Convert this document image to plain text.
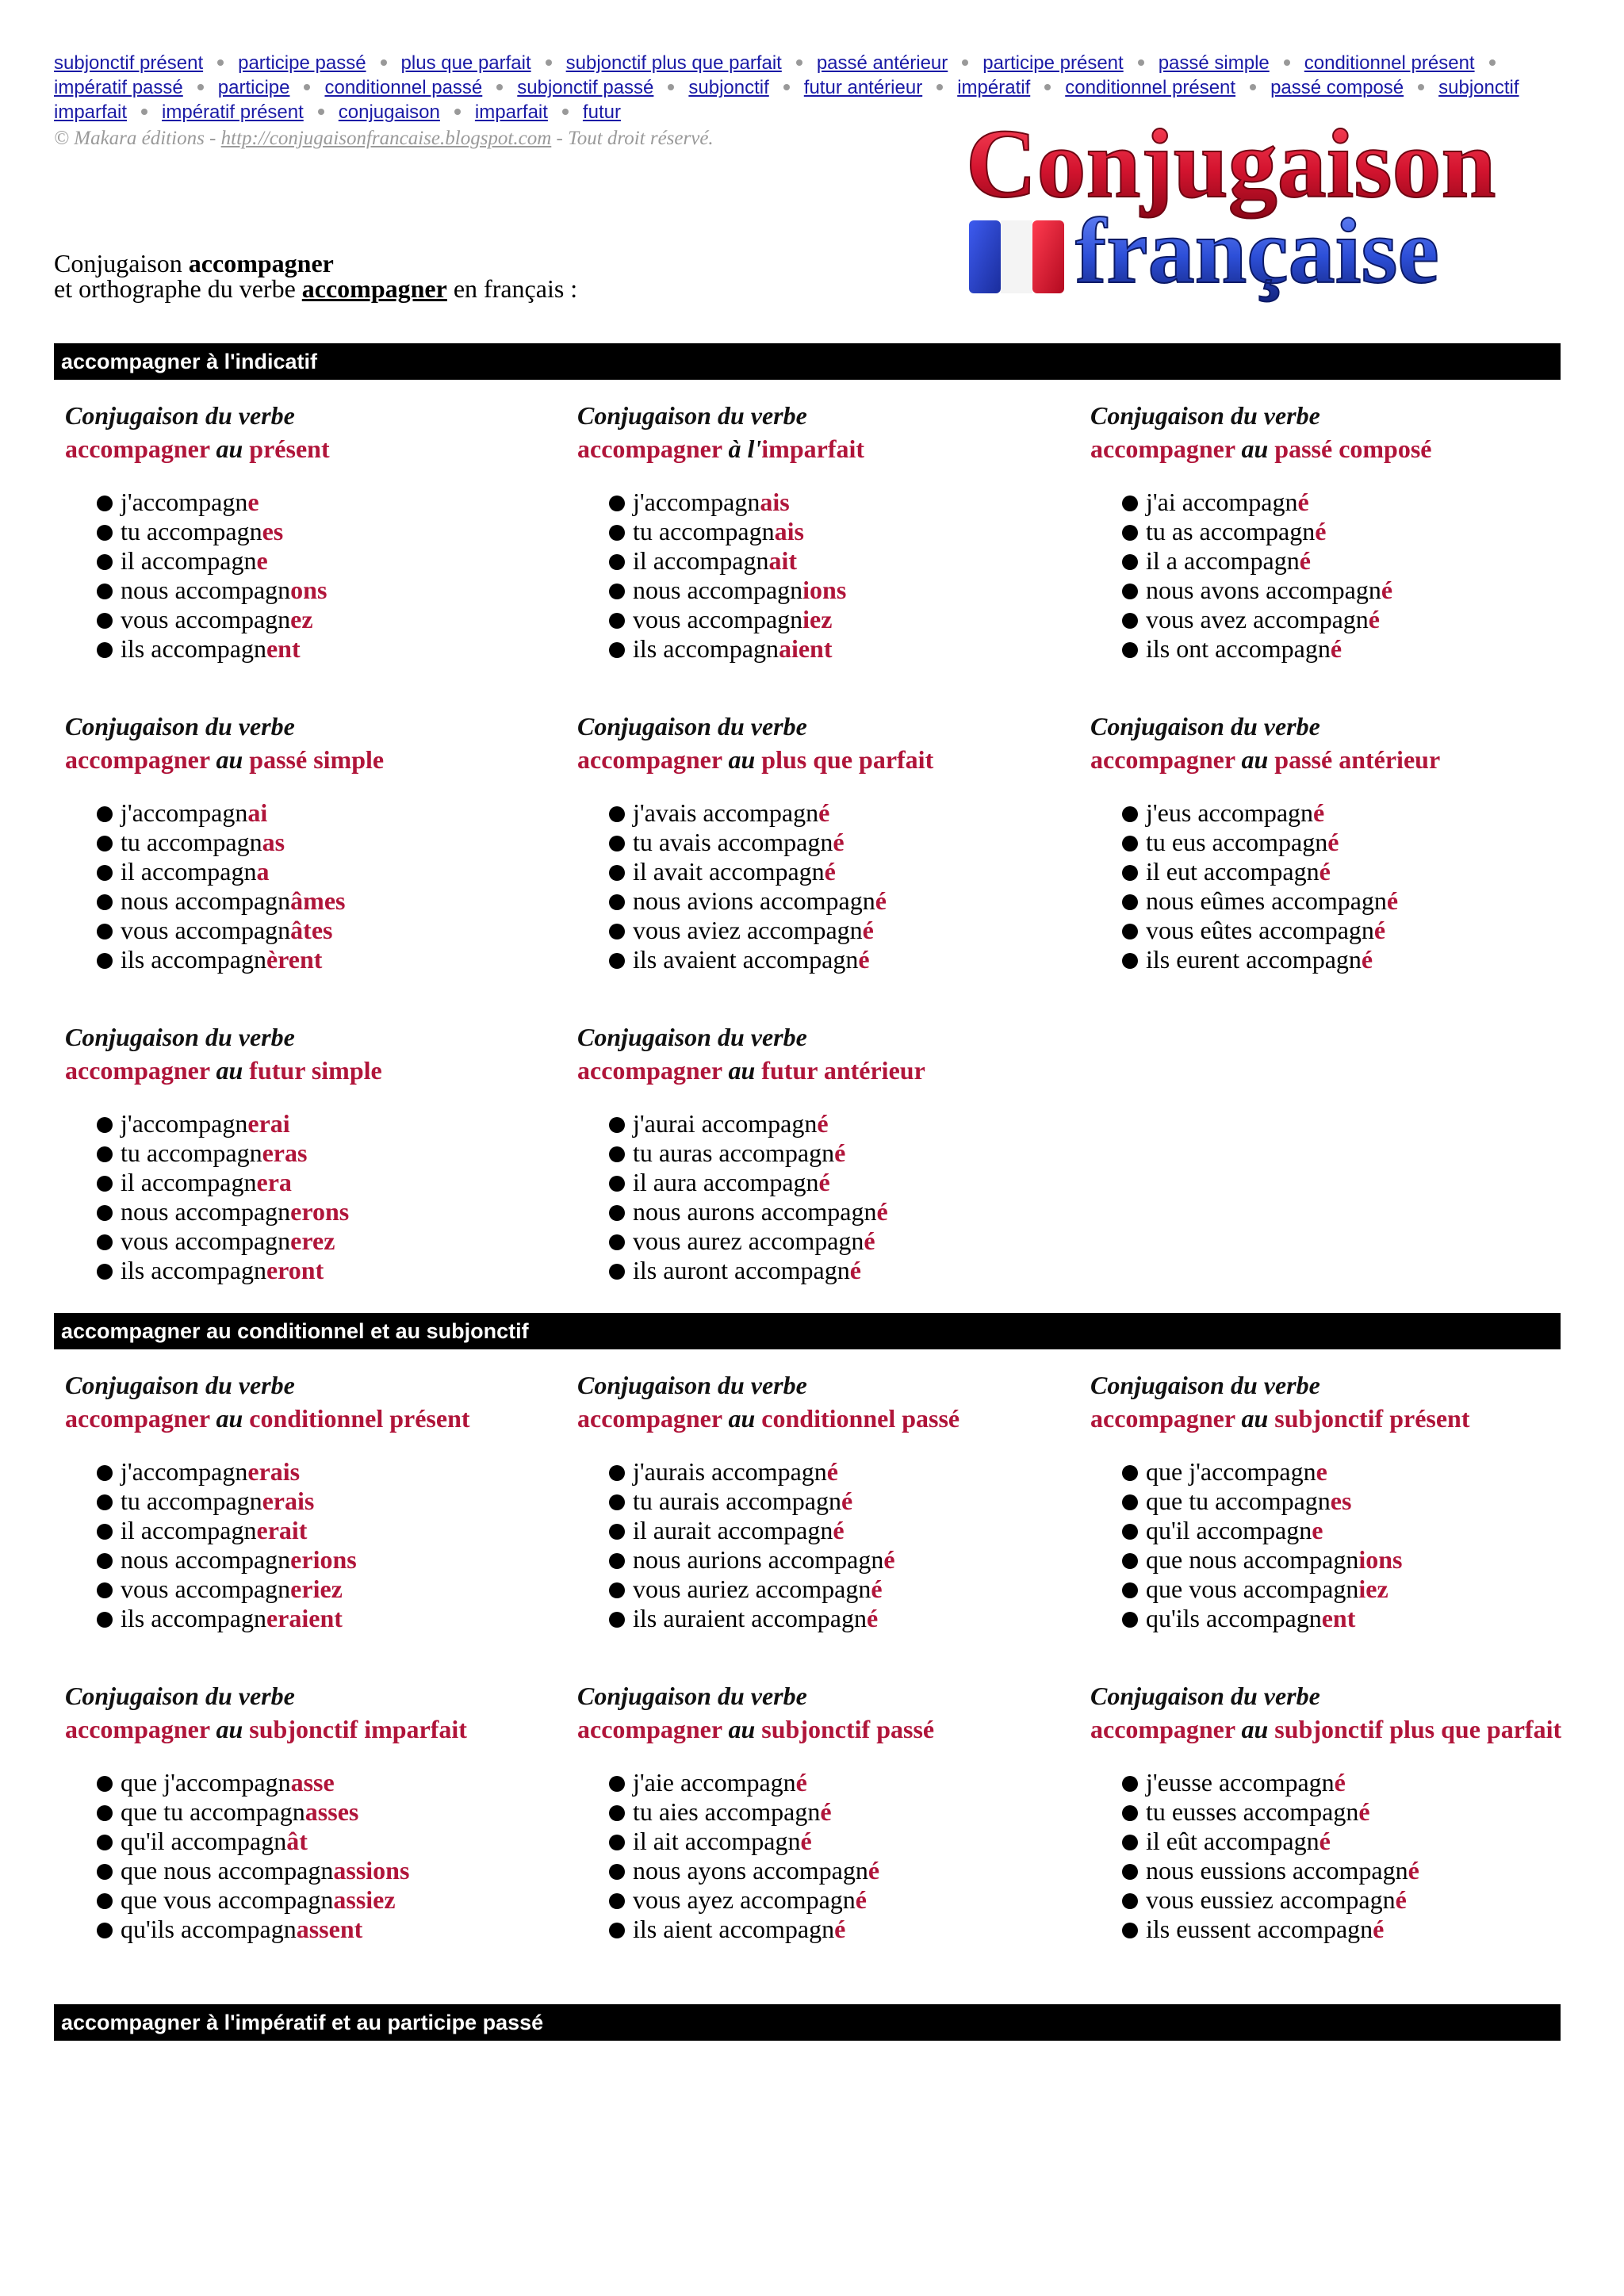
subjonctif présent participe passé plus que parfait subjonctif plus que parfait passé antérieur participe présent passé simple conditionnel présentimpératif passé participe conditionnel passé subjonctif passé subjonctif futur antérieur impératif conditionnel présent passé composé subjonctif imparfait impératif présent conjugaison imparfait futur
© Makara éditions - http://conjugaisonfrancaise.blogspot.com - Tout droit réservé.	Conjugaison
française
Conjugaison accompagner
et orthographe du verbe accompagner en français :
accompagner à l'indicatif
accompagner au conditionnel et au subjonctif
accompagner à l'impératif et au participe passé
Conjugaison du verbe
accompagner au présent
j'accompagne
tu accompagnes
il accompagne
nous accompagnons
vous accompagnez
ils accompagnent
Conjugaison du verbe
accompagner à l'imparfait
j'accompagnais
tu accompagnais
il accompagnait
nous accompagnions
vous accompagniez
ils accompagnaient
Conjugaison du verbe
accompagner au passé composé
j'ai accompagné
tu as accompagné
il a accompagné
nous avons accompagné
vous avez accompagné
ils ont accompagné
Conjugaison du verbe
accompagner au passé simple
j'accompagnai
tu accompagnas
il accompagna
nous accompagnâmes
vous accompagnâtes
ils accompagnèrent
Conjugaison du verbe
accompagner au plus que parfait
j'avais accompagné
tu avais accompagné
il avait accompagné
nous avions accompagné
vous aviez accompagné
ils avaient accompagné
Conjugaison du verbe
accompagner au passé antérieur
j'eus accompagné
tu eus accompagné
il eut accompagné
nous eûmes accompagné
vous eûtes accompagné
ils eurent accompagné
Conjugaison du verbe
accompagner au futur simple
j'accompagnerai
tu accompagneras
il accompagnera
nous accompagnerons
vous accompagnerez
ils accompagneront
Conjugaison du verbe
accompagner au futur antérieur
j'aurai accompagné
tu auras accompagné
il aura accompagné
nous aurons accompagné
vous aurez accompagné
ils auront accompagné
Conjugaison du verbe
accompagner au conditionnel présent
j'accompagnerais
tu accompagnerais
il accompagnerait
nous accompagnerions
vous accompagneriez
ils accompagneraient
Conjugaison du verbe
accompagner au conditionnel passé
j'aurais accompagné
tu aurais accompagné
il aurait accompagné
nous aurions accompagné
vous auriez accompagné
ils auraient accompagné
Conjugaison du verbe
accompagner au subjonctif présent
que j'accompagne
que tu accompagnes
qu'il accompagne
que nous accompagnions
que vous accompagniez
qu'ils accompagnent
Conjugaison du verbe
accompagner au subjonctif imparfait
que j'accompagnasse
que tu accompagnasses
qu'il accompagnât
que nous accompagnassions
que vous accompagnassiez
qu'ils accompagnassent
Conjugaison du verbe
accompagner au subjonctif passé
j'aie accompagné
tu aies accompagné
il ait accompagné
nous ayons accompagné
vous ayez accompagné
ils aient accompagné
Conjugaison du verbe
accompagner au subjonctif plus que parfait
j'eusse accompagné
tu eusses accompagné
il eût accompagné
nous eussions accompagné
vous eussiez accompagné
ils eussent accompagné
